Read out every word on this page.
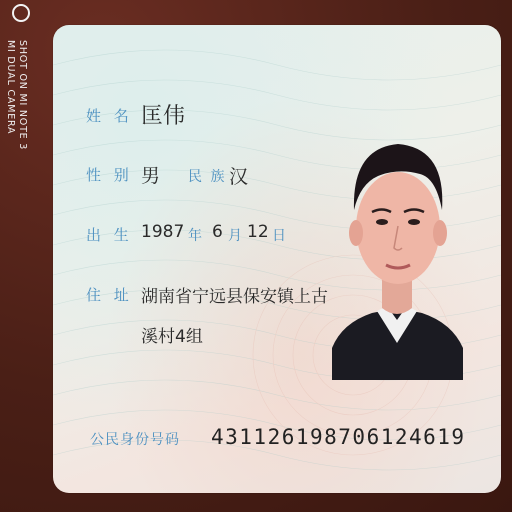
SHOT ON MI NOTE 3
MI DUAL CAMERA	姓 名 匡伟
性 别 男 民 族 汉
出 生 1987 年 6 月 12 日
住 址 湖南省宁远县保安镇上古
溪村4组
公民身份号码 431126198706124619
